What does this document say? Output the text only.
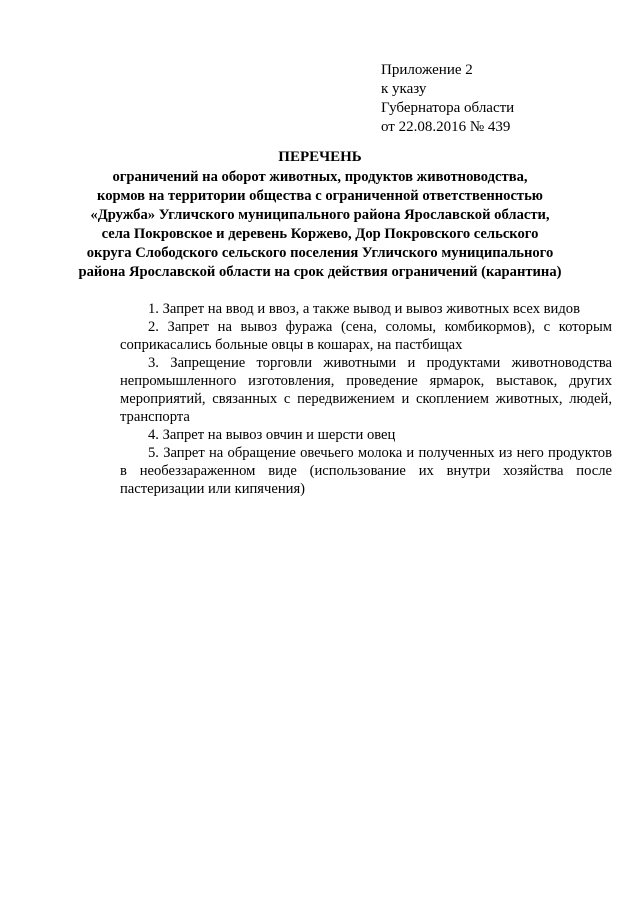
Приложение 2
к указу
Губернатора области
от 22.08.2016 № 439
ПЕРЕЧЕНЬ
ограничений на оборот животных, продуктов животноводства,
кормов на территории общества с ограниченной ответственностью
«Дружба» Угличского муниципального района Ярославской области,
села Покровское и деревень Коржево, Дор Покровского сельского
округа Слободского сельского поселения Угличского муниципального
района Ярославской области на срок действия ограничений (карантина)

1. Запрет на ввод и ввоз, а также вывод и вывоз животных всех видов

2. Запрет на вывоз фуража (сена, соломы, комбикормов), с которым соприкасались больные овцы в кошарах, на пастбищах

3. Запрещение торговли животными и продуктами животноводства непромышленного изготовления, проведение ярмарок, выставок, других мероприятий, связанных с передвижением и скоплением животных, людей, транспорта

4. Запрет на вывоз овчин и шерсти овец

5. Запрет на обращение овечьего молока и полученных из него продуктов в необеззараженном виде (использование их внутри хозяйства после пастеризации или кипячения)
